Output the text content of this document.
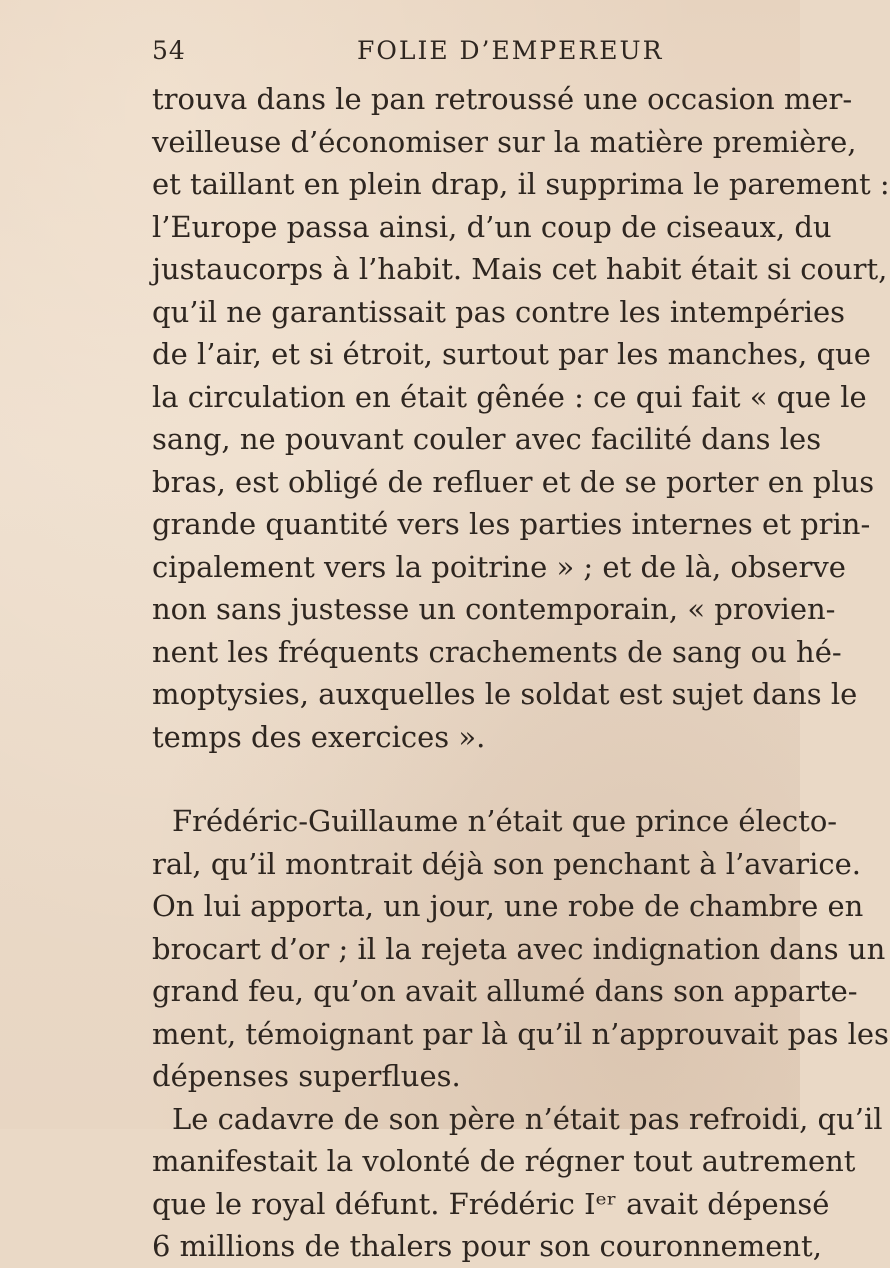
54	FOLIE D’EMPEREUR
trouva dans le pan retroussé une occasion mer-
veilleuse d’économiser sur la matière première,
et taillant en plein drap, il supprima le parement :
l’Europe passa ainsi, d’un coup de ciseaux, du
justaucorps à l’habit. Mais cet habit était si court,
qu’il ne garantissait pas contre les intempéries
de l’air, et si étroit, surtout par les manches, que
la circulation en était gênée : ce qui fait « que le
sang, ne pouvant couler avec facilité dans les
bras, est obligé de refluer et de se porter en plus
grande quantité vers les parties internes et prin-
cipalement vers la poitrine » ; et de là, observe
non sans justesse un contemporain, « provien-
nent les fréquents crachements de sang ou hé-
moptysies, auxquelles le soldat est sujet dans le
temps des exercices ».
Frédéric-Guillaume n’était que prince électo-
ral, qu’il montrait déjà son penchant à l’avarice.
On lui apporta, un jour, une robe de chambre en
brocart d’or ; il la rejeta avec indignation dans un
grand feu, qu’on avait allumé dans son apparte-
ment, témoignant par là qu’il n’approuvait pas les
dépenses superflues.
Le cadavre de son père n’était pas refroidi, qu’il
manifestait la volonté de régner tout autrement
que le royal défunt. Frédéric Iᵉʳ avait dépensé
6 millions de thalers pour son couronnement,
